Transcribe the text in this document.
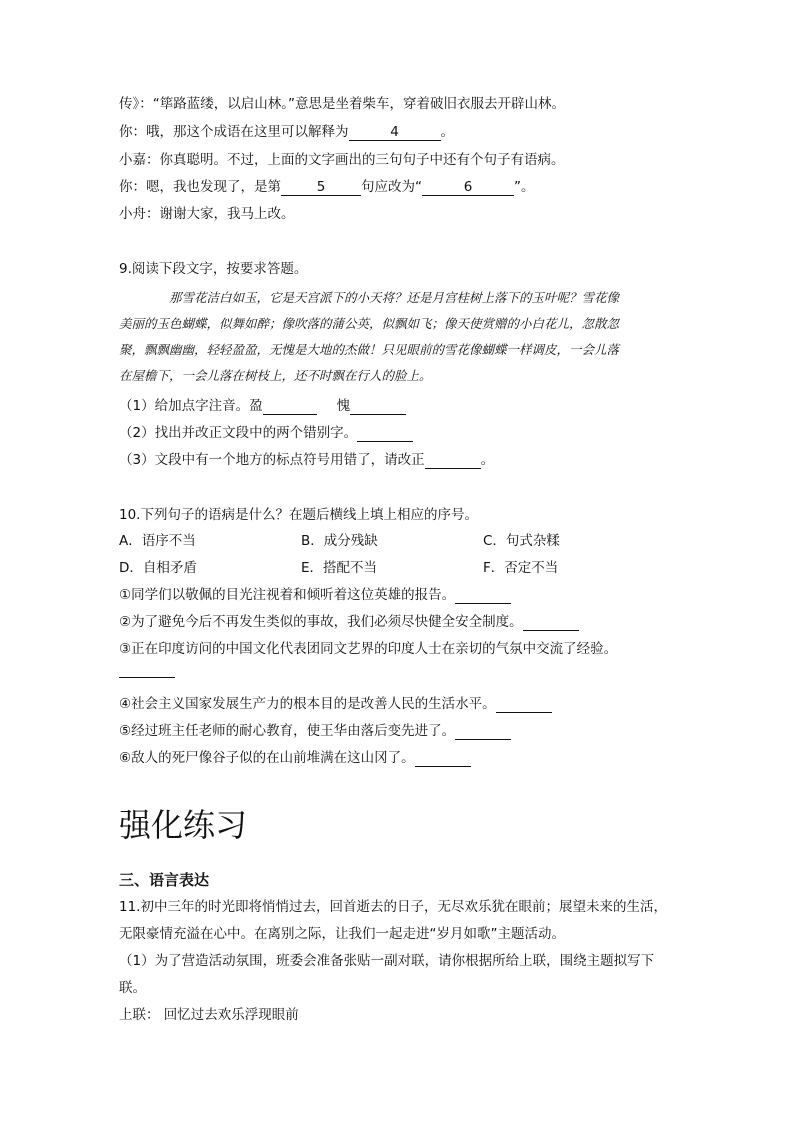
传》：“筚路蓝缕，以启山林。”意思是坐着柴车，穿着破旧衣服去开辟山林。
你：哦，那这个成语在这里可以解释为	4	。
小嘉：你真聪明。不过，上面的文字画出的三句句子中还有个句子有语病。
你：嗯，我也发现了，是第	5	句应改为“	6	”。
小舟：谢谢大家，我马上改。
9.阅读下段文字，按要求答题。
那雪花洁白如玉，它是天宫派下的小天将？还是月宫桂树上落下的玉叶呢？雪花像
美丽的玉色蝴蝶，似舞如醉；像吹落的蒲公英，似飘如飞；像天使赏赠的小白花儿，忽散忽
聚，飘飘幽幽，轻轻盈盈，无愧是大地的杰做！只见眼前的雪花像蝴蝶一样调皮，一会儿落
在屋檐下，一会儿落在树枝上，还不时飘在行人的脸上。
（1）给加点字注音。盈	愧
（2）找出并改正文段中的两个错别字。
（3）文段中有一个地方的标点符号用错了，请改正	。
10.下列句子的语病是什么？在题后横线上填上相应的序号。
A．语序不当	B．成分残缺	C．句式杂糅
D．自相矛盾	E．搭配不当	F．否定不当
①同学们以敬佩的目光注视着和倾听着这位英雄的报告。
②为了避免今后不再发生类似的事故，我们必须尽快健全安全制度。
③正在印度访问的中国文化代表团同文艺界的印度人士在亲切的气氛中交流了经验。
④社会主义国家发展生产力的根本目的是改善人民的生活水平。
⑤经过班主任老师的耐心教育，使王华由落后变先进了。
⑥敌人的死尸像谷子似的在山前堆满在这山冈了。
强化练习
三、语言表达
11.初中三年的时光即将悄悄过去，回首逝去的日子，无尽欢乐犹在眼前；展望未来的生活，
无限豪情充溢在心中。在离别之际，让我们一起走进“岁月如歌”主题活动。
（1）为了营造活动氛围，班委会准备张贴一副对联，请你根据所给上联，围绕主题拟写下
联。
上联： 回忆过去欢乐浮现眼前
